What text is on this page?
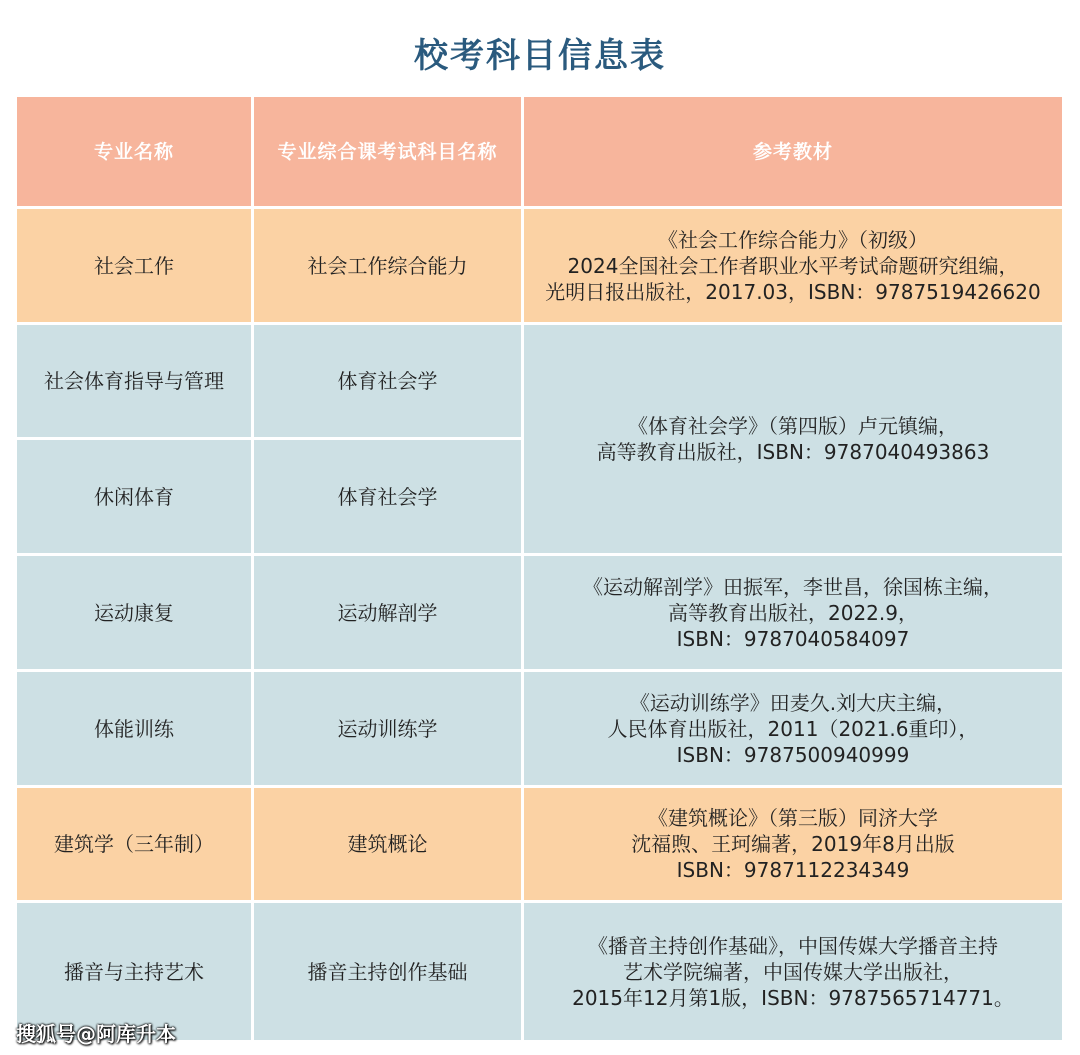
校考科目信息表
专业名称	专业综合课考试科目名称	参考教材
社会工作	社会工作综合能力
《社会工作综合能力》（初级）
2024全国社会工作者职业水平考试命题研究组编，
光明日报出版社，2017.03，ISBN：9787519426620
社会体育指导与管理	体育社会学
《体育社会学》（第四版）卢元镇编，
高等教育出版社，ISBN：9787040493863
休闲体育	体育社会学
运动康复	运动解剖学
《运动解剖学》田振军，李世昌，徐国栋主编，
高等教育出版社，2022.9，
ISBN：9787040584097
体能训练	运动训练学
《运动训练学》田麦久.刘大庆主编，
人民体育出版社，2011（2021.6重印），
ISBN：9787500940999
建筑学（三年制）	建筑概论
《建筑概论》（第三版）同济大学
沈福煦、王珂编著，2019年8月出版
ISBN：9787112234349
播音与主持艺术	播音主持创作基础
《播音主持创作基础》，中国传媒大学播音主持
艺术学院编著，中国传媒大学出版社，
2015年12月第1版，ISBN：9787565714771。
搜狐号@阿库升本
